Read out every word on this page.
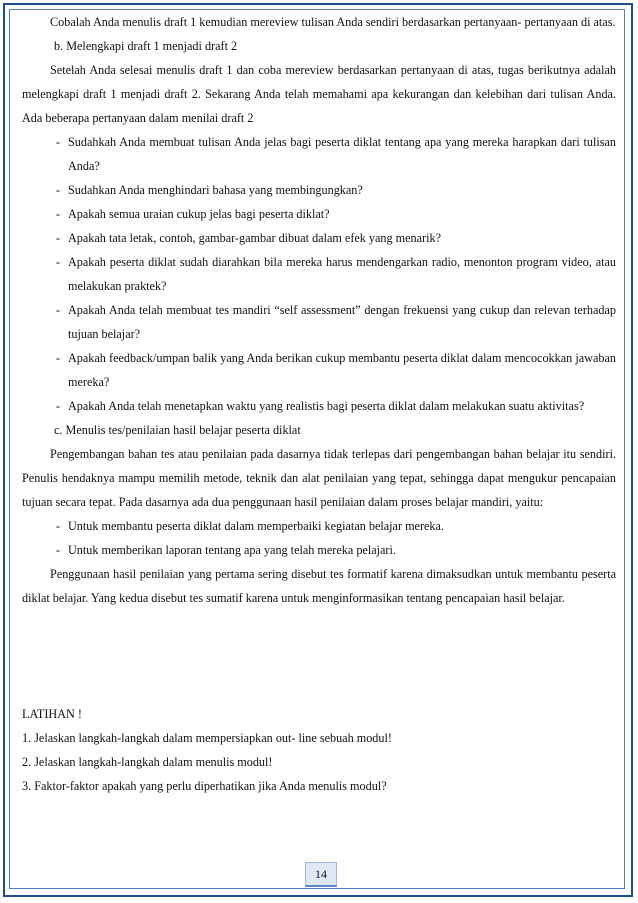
Cobalah Anda menulis draft 1 kemudian mereview tulisan Anda sendiri berdasarkan pertanyaan- pertanyaan di atas.

b. Melengkapi draft 1 menjadi draft 2

Setelah Anda selesai menulis draft 1 dan coba mereview berdasarkan pertanyaan di atas, tugas berikutnya adalah melengkapi draft 1 menjadi draft 2. Sekarang Anda telah memahami apa kekurangan dan kelebihan dari tulisan Anda. Ada beberapa pertanyaan dalam menilai draft 2

- Sudahkah Anda membuat tulisan Anda jelas bagi peserta diklat tentang apa yang mereka harapkan dari tulisan Anda?
- Sudahkan Anda menghindari bahasa yang membingungkan?
- Apakah semua uraian cukup jelas bagi peserta diklat?
- Apakah tata letak, contoh, gambar-gambar dibuat dalam efek yang menarik?
- Apakah peserta diklat sudah diarahkan bila mereka harus mendengarkan radio, menonton program video, atau melakukan praktek?
- Apakah Anda telah membuat tes mandiri “self assessment” dengan frekuensi yang cukup dan relevan terhadap tujuan belajar?
- Apakah feedback/umpan balik yang Anda berikan cukup membantu peserta diklat dalam mencocokkan jawaban mereka?
- Apakah Anda telah menetapkan waktu yang realistis bagi peserta diklat dalam melakukan suatu aktivitas?

c. Menulis tes/penilaian hasil belajar peserta diklat

Pengembangan bahan tes atau penilaian pada dasarnya tidak terlepas dari pengembangan bahan belajar itu sendiri. Penulis hendaknya mampu memilih metode, teknik dan alat penilaian yang tepat, sehingga dapat mengukur pencapaian tujuan secara tepat. Pada dasarnya ada dua penggunaan hasil penilaian dalam proses belajar mandiri, yaitu:

- Untuk membantu peserta diklat dalam memperbaiki kegiatan belajar mereka.
- Untuk memberikan laporan tentang apa yang telah mereka pelajari.

Penggunaan hasil penilaian yang pertama sering disebut tes formatif karena dimaksudkan untuk membantu peserta diklat belajar. Yang kedua disebut tes sumatif karena untuk menginformasikan tentang pencapaian hasil belajar.

LATIHAN !

1. Jelaskan langkah-langkah dalam mempersiapkan out- line sebuah modul!

2. Jelaskan langkah-langkah dalam menulis modul!

3. Faktor-faktor apakah yang perlu diperhatikan jika Anda menulis modul?

14
